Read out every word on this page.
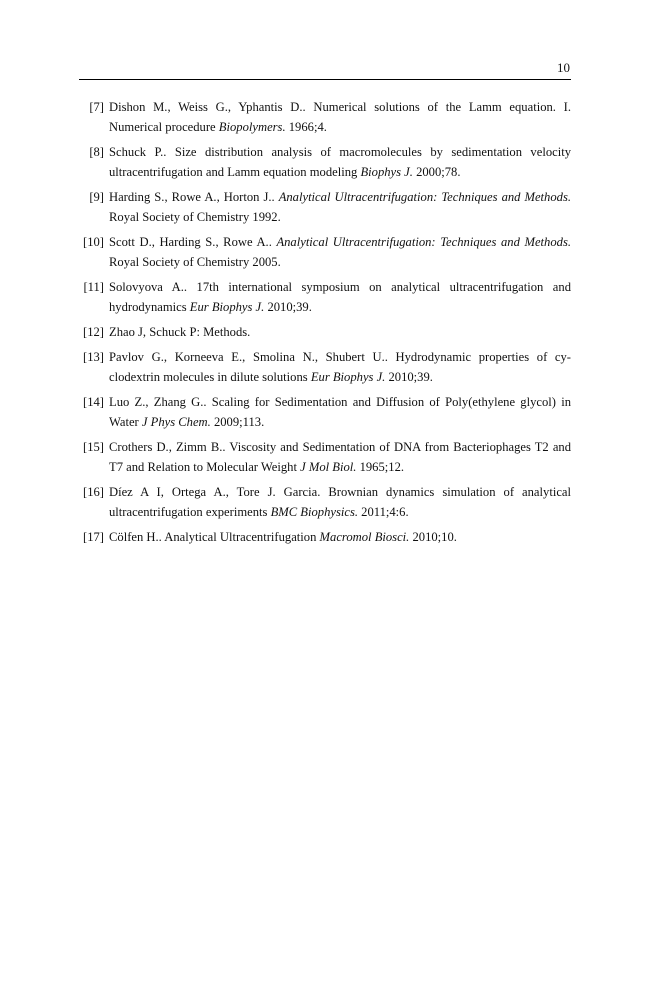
10
[7] Dishon M., Weiss G., Yphantis D.. Numerical solutions of the Lamm equation. I. Numerical procedure Biopolymers. 1966;4.
[8] Schuck P.. Size distribution analysis of macromolecules by sedimentation velocity ultracentrifugation and Lamm equation modeling Biophys J. 2000;78.
[9] Harding S., Rowe A., Horton J.. Analytical Ultracentrifugation: Techniques and Methods. Royal Society of Chemistry 1992.
[10] Scott D., Harding S., Rowe A.. Analytical Ultracentrifugation: Techniques and Methods. Royal Society of Chemistry 2005.
[11] Solovyova A.. 17th international symposium on analytical ultracentrifugation and hydrodynamics Eur Biophys J. 2010;39.
[12] Zhao J, Schuck P: Methods.
[13] Pavlov G., Korneeva E., Smolina N., Shubert U.. Hydrodynamic properties of cy-clodextrin molecules in dilute solutions Eur Biophys J. 2010;39.
[14] Luo Z., Zhang G.. Scaling for Sedimentation and Diffusion of Poly(ethylene glycol) in Water J Phys Chem. 2009;113.
[15] Crothers D., Zimm B.. Viscosity and Sedimentation of DNA from Bacteriophages T2 and T7 and Relation to Molecular Weight J Mol Biol. 1965;12.
[16] Díez A I, Ortega A., Tore J. Garcia. Brownian dynamics simulation of analytical ultracentrifugation experiments BMC Biophysics. 2011;4:6.
[17] Cölfen H.. Analytical Ultracentrifugation Macromol Biosci. 2010;10.
